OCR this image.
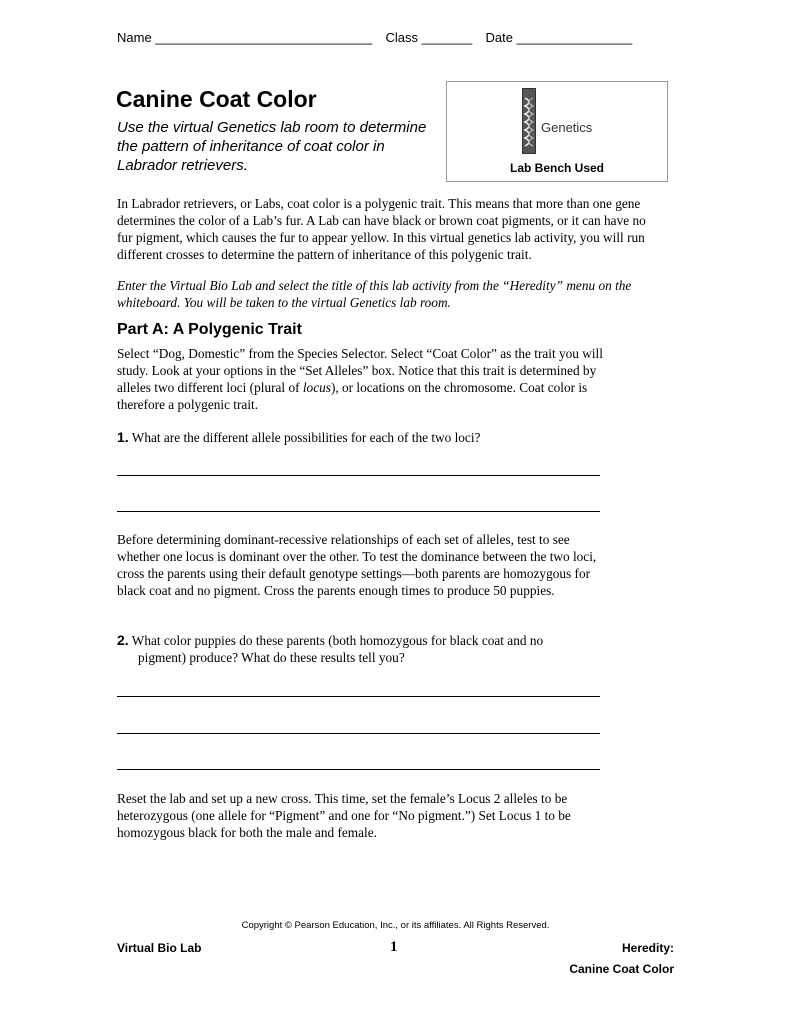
Name ______________________________ Class _______ Date ________________
Canine Coat Color
Use the virtual Genetics lab room to determine the pattern of inheritance of coat color in Labrador retrievers.
Genetics
Lab Bench Used
In Labrador retrievers, or Labs, coat color is a polygenic trait. This means that more than one gene determines the color of a Lab’s fur. A Lab can have black or brown coat pigments, or it can have no fur pigment, which causes the fur to appear yellow. In this virtual genetics lab activity, you will run different crosses to determine the pattern of inheritance of this polygenic trait.
Enter the Virtual Bio Lab and select the title of this lab activity from the “Heredity” menu on the whiteboard. You will be taken to the virtual Genetics lab room.
Part A: A Polygenic Trait
Select “Dog, Domestic” from the Species Selector. Select “Coat Color” as the trait you will study. Look at your options in the “Set Alleles” box. Notice that this trait is determined by alleles two different loci (plural of locus), or locations on the chromosome. Coat color is therefore a polygenic trait.
1. What are the different allele possibilities for each of the two loci?
Before determining dominant-recessive relationships of each set of alleles, test to see whether one locus is dominant over the other. To test the dominance between the two loci, cross the parents using their default genotype settings—both parents are homozygous for black coat and no pigment. Cross the parents enough times to produce 50 puppies.
2. What color puppies do these parents (both homozygous for black coat and no
pigment) produce? What do these results tell you?
Reset the lab and set up a new cross. This time, set the female’s Locus 2 alleles to be heterozygous (one allele for “Pigment” and one for “No pigment.”) Set Locus 1 to be homozygous black for both the male and female.
Copyright © Pearson Education, Inc., or its affiliates. All Rights Reserved.
Virtual Bio Lab	1	Heredity:
Canine Coat Color
